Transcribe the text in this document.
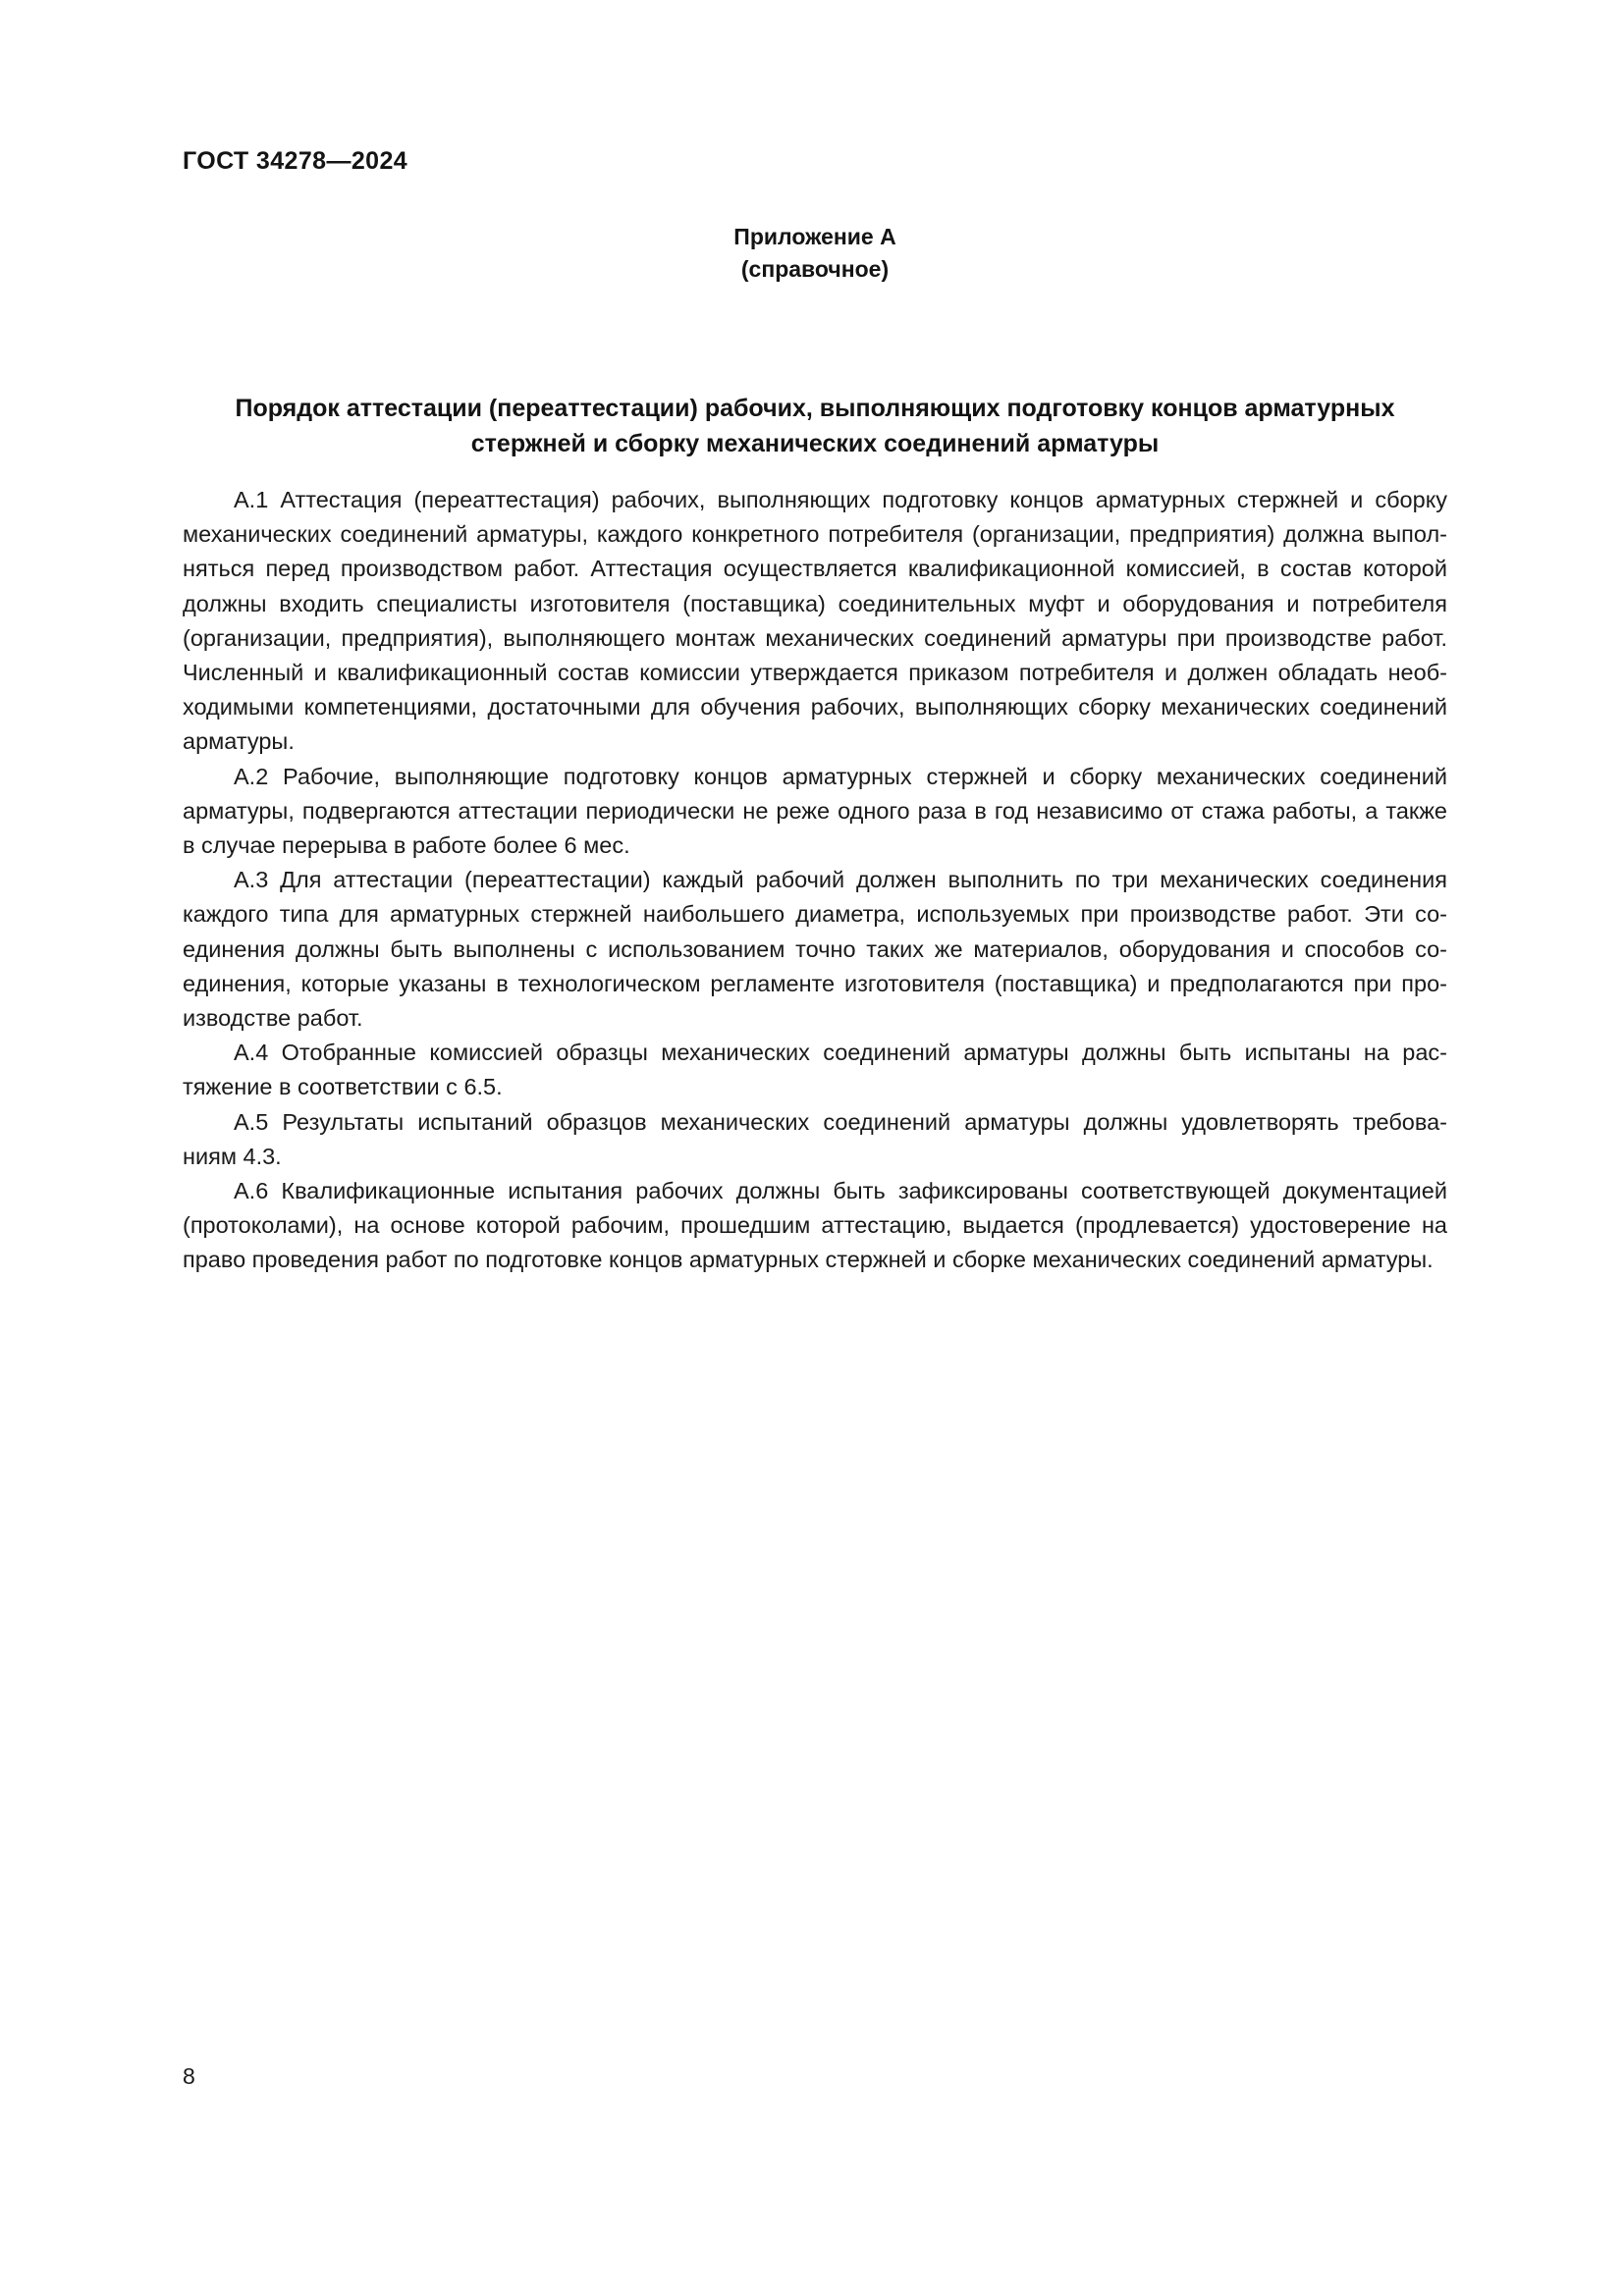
ГОСТ 34278—2024
Приложение А
(справочное)
Порядок аттестации (переаттестации) рабочих, выполняющих подготовку концов арматурных
стержней и сборку механических соединений арматуры

А.1 Аттестация (переаттестация) рабочих, выполняющих подготовку концов арматурных стержней и сборку
механических соединений арматуры, каждого конкретного потребителя (организации, предприятия) должна выпол-
няться перед производством работ. Аттестация осуществляется квалификационной комиссией, в состав которой
должны входить специалисты изготовителя (поставщика) соединительных муфт и оборудования и потребителя
(организации, предприятия), выполняющего монтаж механических соединений арматуры при производстве работ.
Численный и квалификационный состав комиссии утверждается приказом потребителя и должен обладать необ-
ходимыми компетенциями, достаточными для обучения рабочих, выполняющих сборку механических соединений
арматуры.

А.2 Рабочие, выполняющие подготовку концов арматурных стержней и сборку механических соединений
арматуры, подвергаются аттестации периодически не реже одного раза в год независимо от стажа работы, а также
в случае перерыва в работе более 6 мес.

А.3 Для аттестации (переаттестации) каждый рабочий должен выполнить по три механических соединения
каждого типа для арматурных стержней наибольшего диаметра, используемых при производстве работ. Эти со-
единения должны быть выполнены с использованием точно таких же материалов, оборудования и способов со-
единения, которые указаны в технологическом регламенте изготовителя (поставщика) и предполагаются при про-
изводстве работ.

А.4 Отобранные комиссией образцы механических соединений арматуры должны быть испытаны на рас-
тяжение в соответствии с 6.5.

А.5 Результаты испытаний образцов механических соединений арматуры должны удовлетворять требова-
ниям 4.3.

А.6 Квалификационные испытания рабочих должны быть зафиксированы соответствующей документацией
(протоколами), на основе которой рабочим, прошедшим аттестацию, выдается (продлевается) удостоверение на
право проведения работ по подготовке концов арматурных стержней и сборке механических соединений арматуры.

8
